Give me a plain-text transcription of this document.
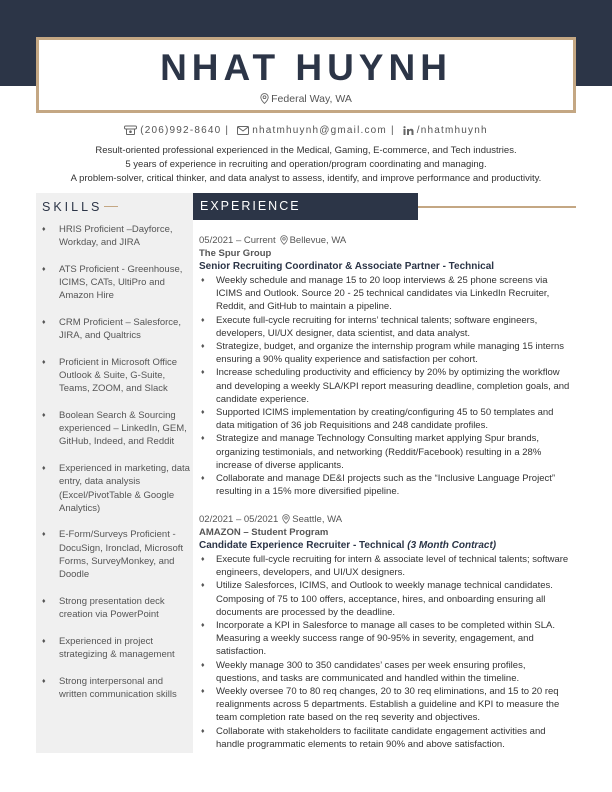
NHAT HUYNH
Federal Way, WA
(206)992-8640 | nhatmhuynh@gmail.com | /nhatmhuynh

Result-oriented professional experienced in the Medical, Gaming, E-commerce, and Tech industries.

5 years of experience in recruiting and operation/program coordinating and managing.

A problem-solver, critical thinker, and data analyst to assess, identify, and improve performance and productivity.

SKILLS
♦ HRIS Proficient –Dayforce, Workday, and JIRA
♦ ATS Proficient - Greenhouse, ICIMS, CATs, UltiPro and Amazon Hire
♦ CRM Proficient – Salesforce, JIRA, and Qualtrics
♦ Proficient in Microsoft Office Outlook & Suite, G-Suite, Teams, ZOOM, and Slack
♦ Boolean Search & Sourcing experienced – LinkedIn, GEM, GitHub, Indeed, and Reddit
♦ Experienced in marketing, data entry, data analysis (Excel/PivotTable & Google Analytics)
♦ E-Form/Surveys Proficient - DocuSign, Ironclad, Microsoft Forms, SurveyMonkey, and Doodle
♦ Strong presentation deck creation via PowerPoint
♦ Experienced in project strategizing & management
♦ Strong interpersonal and written communication skills
EXPERIENCE
05/2021 – Current Bellevue, WA
The Spur Group
Senior Recruiting Coordinator & Associate Partner - Technical
♦ Weekly schedule and manage 15 to 20 loop interviews & 25 phone screens via ICIMS and Outlook. Source 20 - 25 technical candidates via LinkedIn Recruiter, Reddit, and GitHub to maintain a pipeline.
♦ Execute full-cycle recruiting for interns’ technical talents; software engineers, developers, UI/UX designer, data scientist, and data analyst.
♦ Strategize, budget, and organize the internship program while managing 15 interns ensuring a 90% quality experience and satisfaction per cohort.
♦ Increase scheduling productivity and efficiency by 20% by optimizing the workflow and developing a weekly SLA/KPI report measuring deadline, completion goals, and candidate experience.
♦ Supported ICIMS implementation by creating/configuring 45 to 50 templates and data mitigation of 36 job Requisitions and 248 candidate profiles.
♦ Strategize and manage Technology Consulting market applying Spur brands, organizing testimonials, and networking (Reddit/Facebook) resulting in a 28% increase of diverse applicants.
♦ Collaborate and manage DE&I projects such as the “Inclusive Language Project” resulting in a 15% more diversified pipeline.
02/2021 – 05/2021 Seattle, WA
AMAZON – Student Program
Candidate Experience Recruiter - Technical (3 Month Contract)
♦ Execute full-cycle recruiting for intern & associate level of technical talents; software engineers, developers, and UI/UX designers.
♦ Utilize Salesforces, ICIMS, and Outlook to weekly manage technical candidates. Composing of 75 to 100 offers, acceptance, hires, and onboarding ensuring all documents are processed by the deadline.
♦ Incorporate a KPI in Salesforce to manage all cases to be completed within SLA. Measuring a weekly success range of 90-95% in severity, engagement, and satisfaction.
♦ Weekly manage 300 to 350 candidates’ cases per week ensuring profiles, questions, and tasks are communicated and handled within the timeline.
♦ Weekly oversee 70 to 80 req changes, 20 to 30 req eliminations, and 15 to 20 req realignments across 5 departments. Establish a guideline and KPI to measure the team completion rate based on the req severity and objectives.
♦ Collaborate with stakeholders to facilitate candidate engagement activities and handle programmatic elements to retain 90% and above satisfaction.
